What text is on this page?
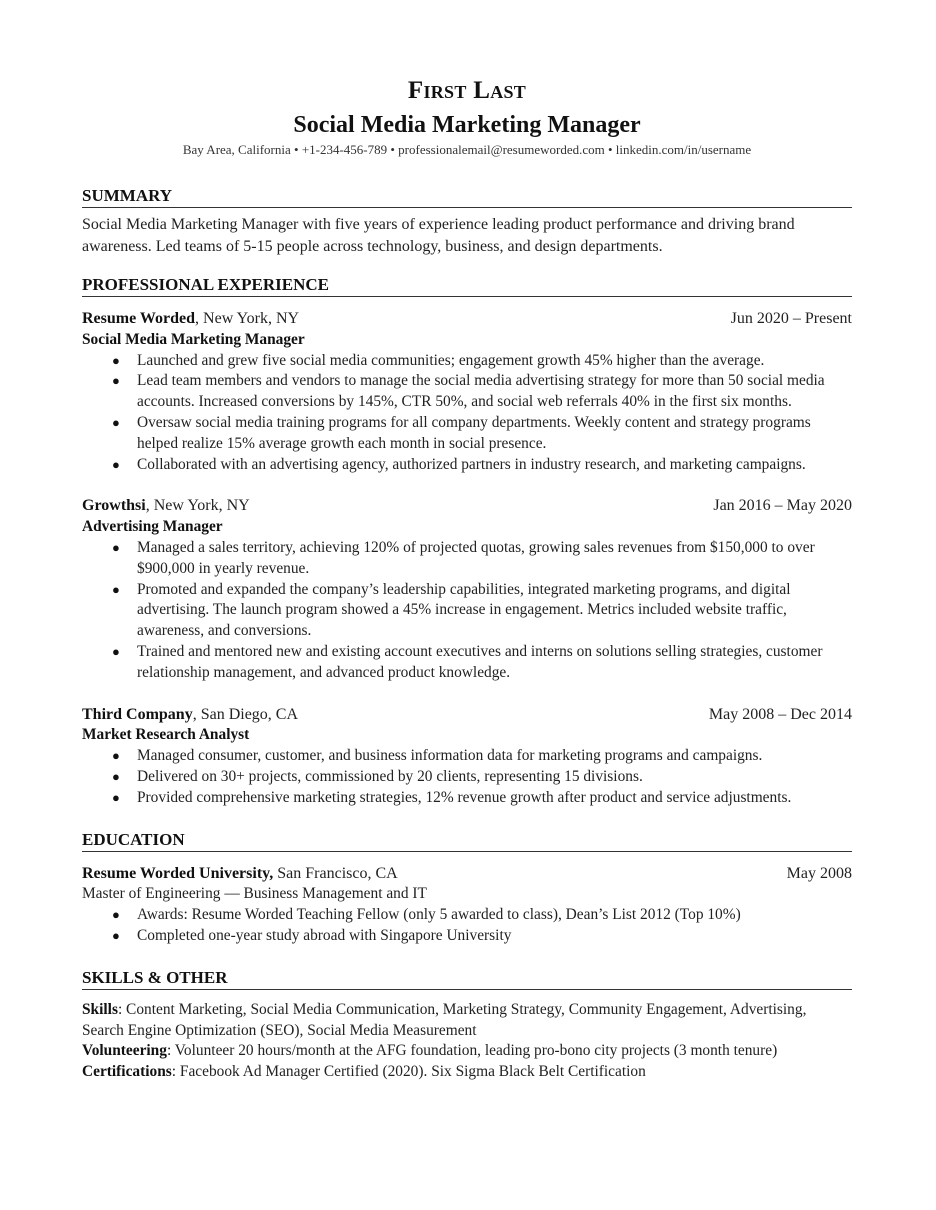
First Last
Social Media Marketing Manager
Bay Area, California • +1-234-456-789 • professionalemail@resumeworded.com • linkedin.com/in/username
SUMMARY
Social Media Marketing Manager with five years of experience leading product performance and driving brand awareness. Led teams of 5-15 people across technology, business, and design departments.
PROFESSIONAL EXPERIENCE
Resume Worded, New York, NY	Jun 2020 – Present
Social Media Marketing Manager
● Launched and grew five social media communities; engagement growth 45% higher than the average.
● Lead team members and vendors to manage the social media advertising strategy for more than 50 social media accounts. Increased conversions by 145%, CTR 50%, and social web referrals 40% in the first six months.
● Oversaw social media training programs for all company departments. Weekly content and strategy programs helped realize 15% average growth each month in social presence.
● Collaborated with an advertising agency, authorized partners in industry research, and marketing campaigns.
Growthsi, New York, NY	Jan 2016 – May 2020
Advertising Manager
● Managed a sales territory, achieving 120% of projected quotas, growing sales revenues from $150,000 to over $900,000 in yearly revenue.
● Promoted and expanded the company’s leadership capabilities, integrated marketing programs, and digital advertising. The launch program showed a 45% increase in engagement. Metrics included website traffic, awareness, and conversions.
● Trained and mentored new and existing account executives and interns on solutions selling strategies, customer relationship management, and advanced product knowledge.
Third Company, San Diego, CA	May 2008 – Dec 2014
Market Research Analyst
● Managed consumer, customer, and business information data for marketing programs and campaigns.
● Delivered on 30+ projects, commissioned by 20 clients, representing 15 divisions.
● Provided comprehensive marketing strategies, 12% revenue growth after product and service adjustments.
EDUCATION
Resume Worded University, San Francisco, CA	May 2008
Master of Engineering — Business Management and IT
● Awards: Resume Worded Teaching Fellow (only 5 awarded to class), Dean’s List 2012 (Top 10%)
● Completed one-year study abroad with Singapore University
SKILLS & OTHER
Skills: Content Marketing, Social Media Communication, Marketing Strategy, Community Engagement, Advertising, Search Engine Optimization (SEO), Social Media Measurement
Volunteering: Volunteer 20 hours/month at the AFG foundation, leading pro-bono city projects (3 month tenure)
Certifications: Facebook Ad Manager Certified (2020). Six Sigma Black Belt Certification
